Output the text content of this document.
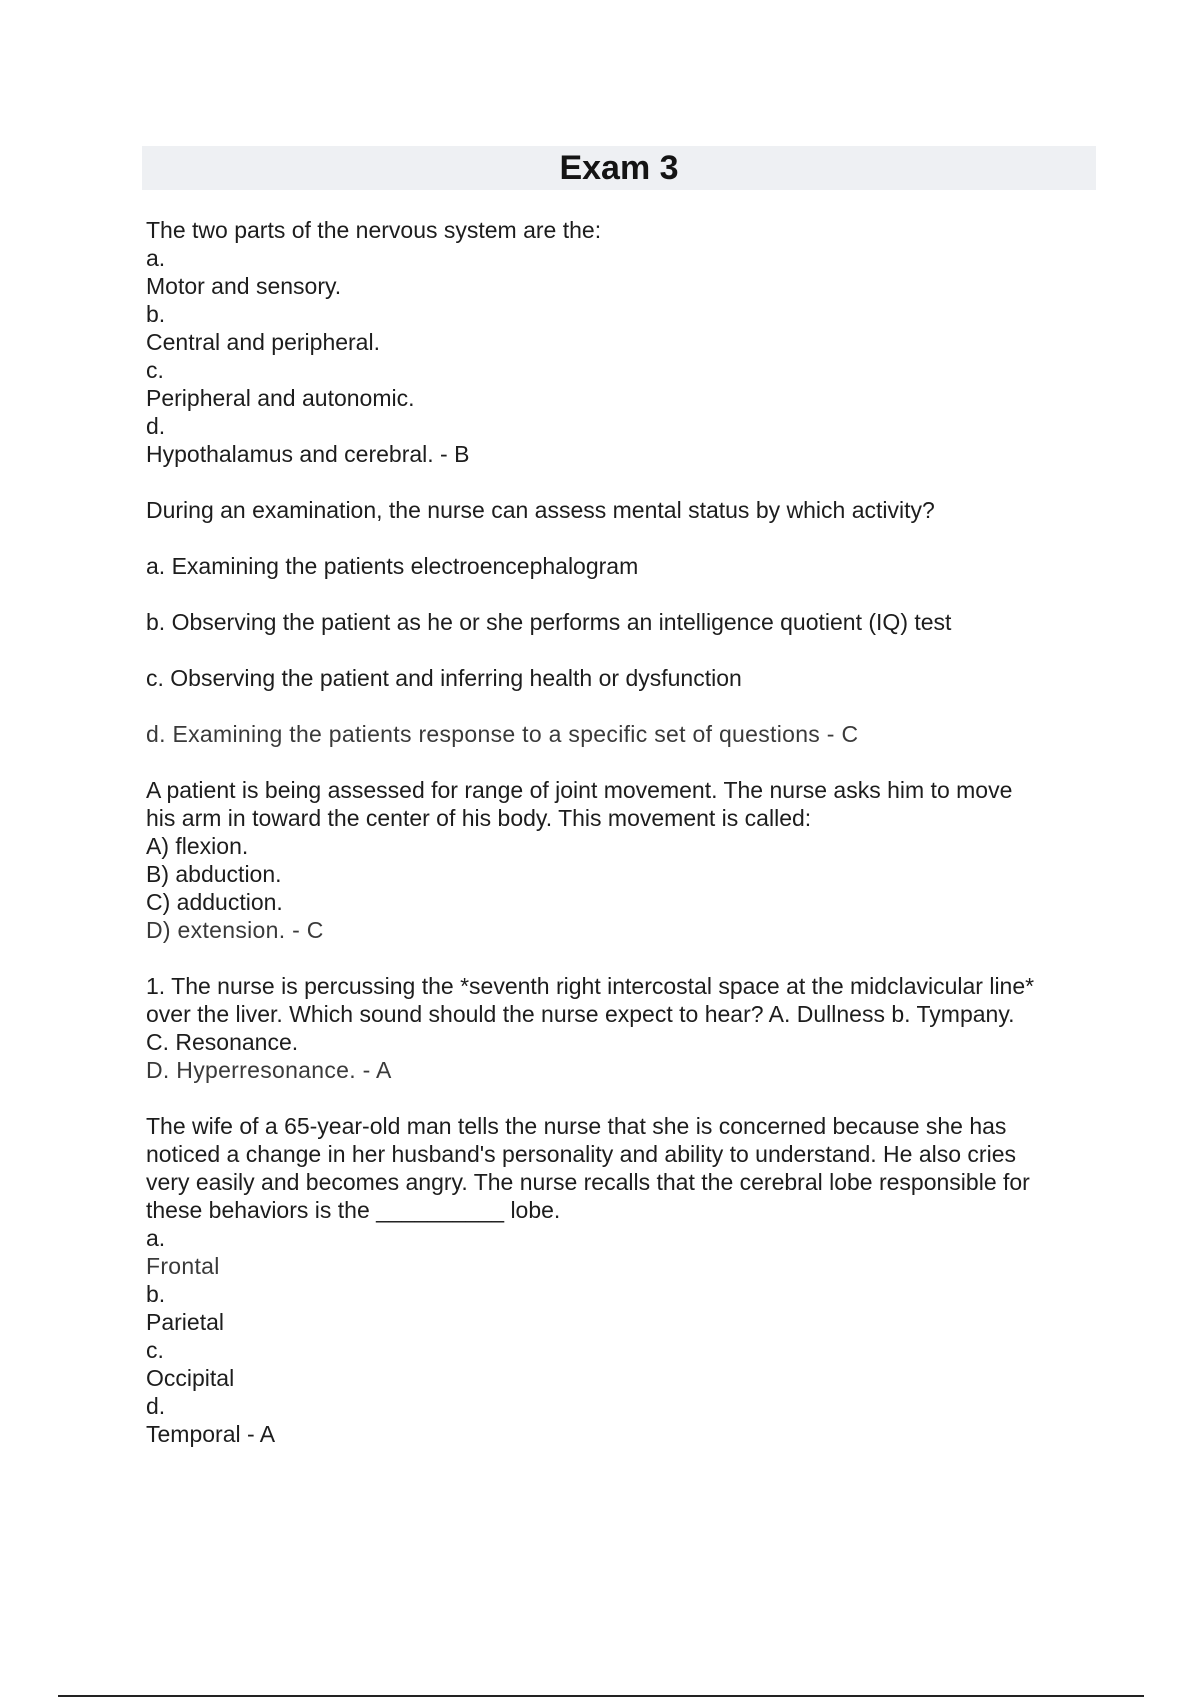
Exam 3

The two parts of the nervous system are the:

a.

Motor and sensory.

b.

Central and peripheral.

c.

Peripheral and autonomic.

d.

Hypothalamus and cerebral. - B

During an examination, the nurse can assess mental status by which activity?

a. Examining the patients electroencephalogram

b. Observing the patient as he or she performs an intelligence quotient (IQ) test

c. Observing the patient and inferring health or dysfunction

d. Examining the patients response to a specific set of questions - C

A patient is being assessed for range of joint movement. The nurse asks him to move

his arm in toward the center of his body. This movement is called:

A) flexion.

B) abduction.

C) adduction.

D) extension. - C

1. The nurse is percussing the *seventh right intercostal space at the midclavicular line*

over the liver. Which sound should the nurse expect to hear? A. Dullness b. Tympany.

C. Resonance.

D. Hyperresonance. - A

The wife of a 65-year-old man tells the nurse that she is concerned because she has

noticed a change in her husband's personality and ability to understand. He also cries

very easily and becomes angry. The nurse recalls that the cerebral lobe responsible for

these behaviors is the __________ lobe.

a.

Frontal

b.

Parietal

c.

Occipital

d.

Temporal - A
